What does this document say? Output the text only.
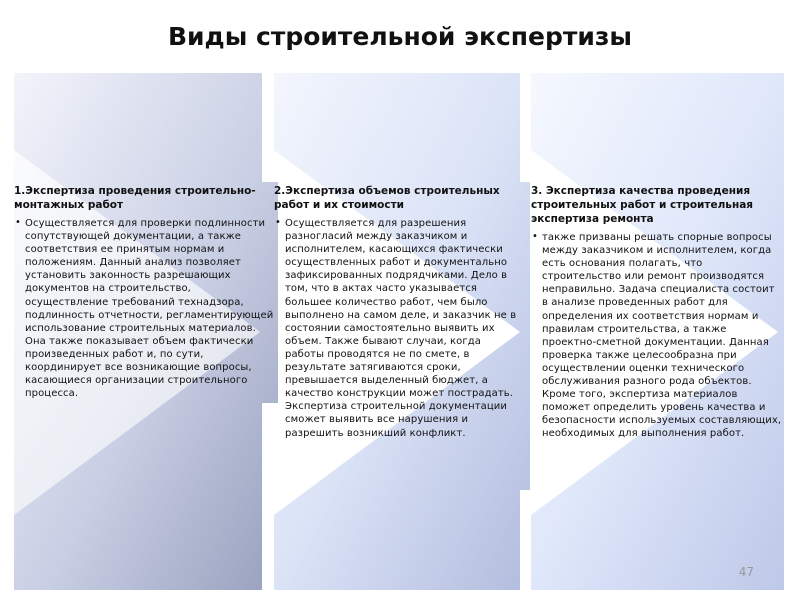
Виды строительной экспертизы

1.Экспертиза проведения строительно-монтажных работ

• Осуществляется для проверки подлинности сопутствующей документации, а также соответствия ее принятым нормам и положениям. Данный анализ позволяет установить законность разрешающих документов на строительство, осуществление требований технадзора, подлинность отчетности, регламентирующей использование строительных материалов. Она также показывает объем фактически произведенных работ и, по сути, координирует все возникающие вопросы, касающиеся организации строительного процесса.

2.Экспертиза объемов строительных работ и их стоимости

• Осуществляется для разрешения разногласий между заказчиком и исполнителем, касающихся фактически осуществленных работ и документально зафиксированных подрядчиками. Дело в том, что в актах часто указывается большее количество работ, чем было выполнено на самом деле, и заказчик не в состоянии самостоятельно выявить их объем. Также бывают случаи, когда работы проводятся не по смете, в результате затягиваются сроки, превышается выделенный бюджет, а качество конструкции может пострадать. Экспертиза строительной документации сможет выявить все нарушения и разрешить возникший конфликт.

3. Экспертиза качества проведения строительных работ и строительная экспертиза ремонта

• также призваны решать спорные вопросы между заказчиком и исполнителем, когда есть основания полагать, что строительство или ремонт производятся неправильно. Задача специалиста состоит в анализе проведенных работ для определения их соответствия нормам и правилам строительства, а также проектно-сметной документации. Данная проверка также целесообразна при осуществлении оценки технического обслуживания разного рода объектов. Кроме того, экспертиза материалов поможет определить уровень качества и безопасности используемых составляющих, необходимых для выполнения работ.

47
